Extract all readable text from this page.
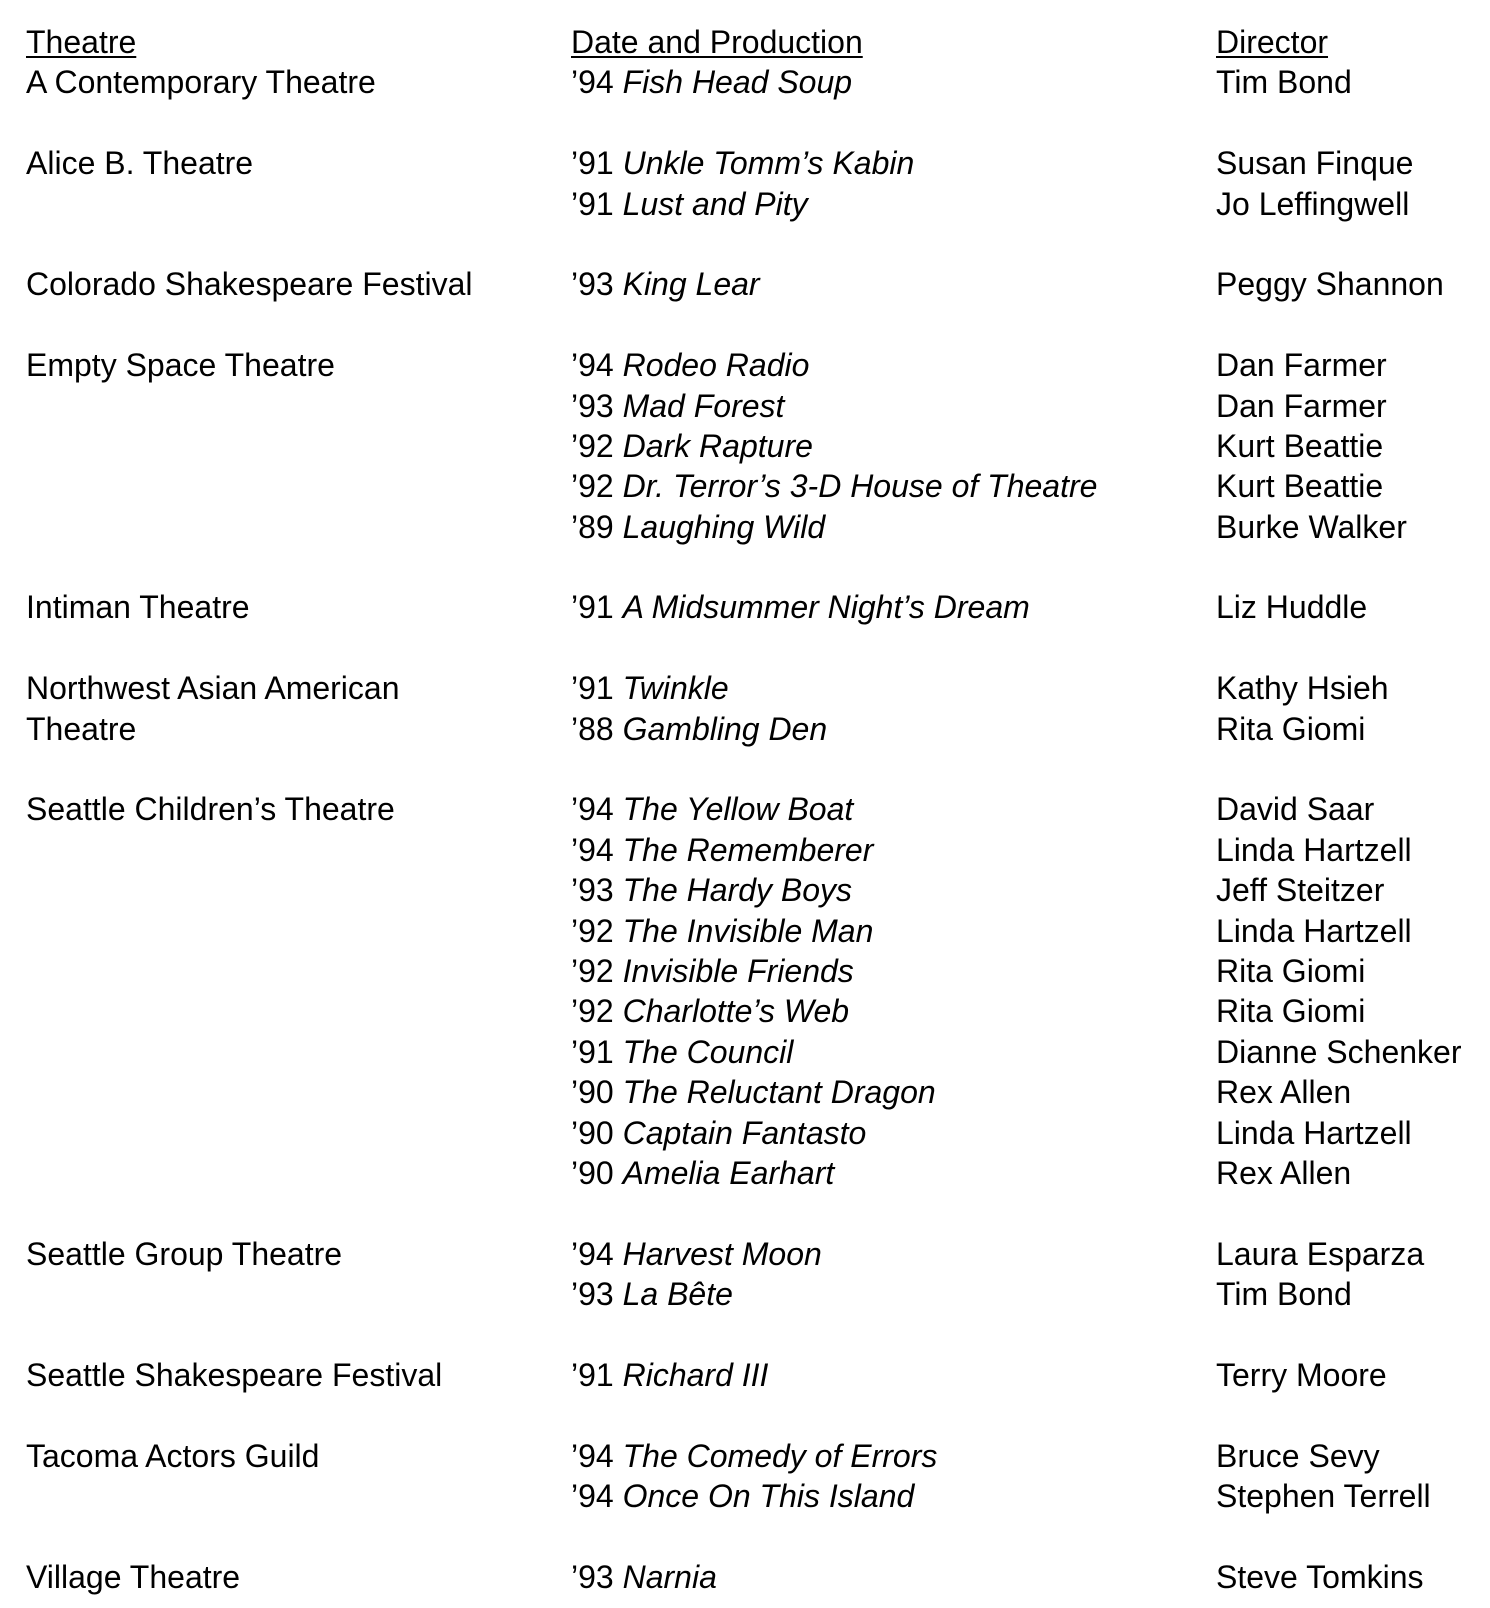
Theatre	Date and Production	Director
A Contemporary Theatre	’94 Fish Head Soup	Tim Bond
Alice B. Theatre	’91 Unkle Tomm’s Kabin	Susan Finque
’91 Lust and Pity	Jo Leffingwell
Colorado Shakespeare Festival	’93 King Lear	Peggy Shannon
Empty Space Theatre	’94 Rodeo Radio	Dan Farmer
’93 Mad Forest	Dan Farmer
’92 Dark Rapture	Kurt Beattie
’92 Dr. Terror’s 3-D House of Theatre	Kurt Beattie
’89 Laughing Wild	Burke Walker
Intiman Theatre	’91 A Midsummer Night’s Dream	Liz Huddle
Northwest Asian American	’91 Twinkle	Kathy Hsieh
Theatre	’88 Gambling Den	Rita Giomi
Seattle Children’s Theatre	’94 The Yellow Boat	David Saar
’94 The Rememberer	Linda Hartzell
’93 The Hardy Boys	Jeff Steitzer
’92 The Invisible Man	Linda Hartzell
’92 Invisible Friends	Rita Giomi
’92 Charlotte’s Web	Rita Giomi
’91 The Council	Dianne Schenker
’90 The Reluctant Dragon	Rex Allen
’90 Captain Fantasto	Linda Hartzell
’90 Amelia Earhart	Rex Allen
Seattle Group Theatre	’94 Harvest Moon	Laura Esparza
’93 La Bête	Tim Bond
Seattle Shakespeare Festival	’91 Richard III	Terry Moore
Tacoma Actors Guild	’94 The Comedy of Errors	Bruce Sevy
’94 Once On This Island	Stephen Terrell
Village Theatre	’93 Narnia	Steve Tomkins
